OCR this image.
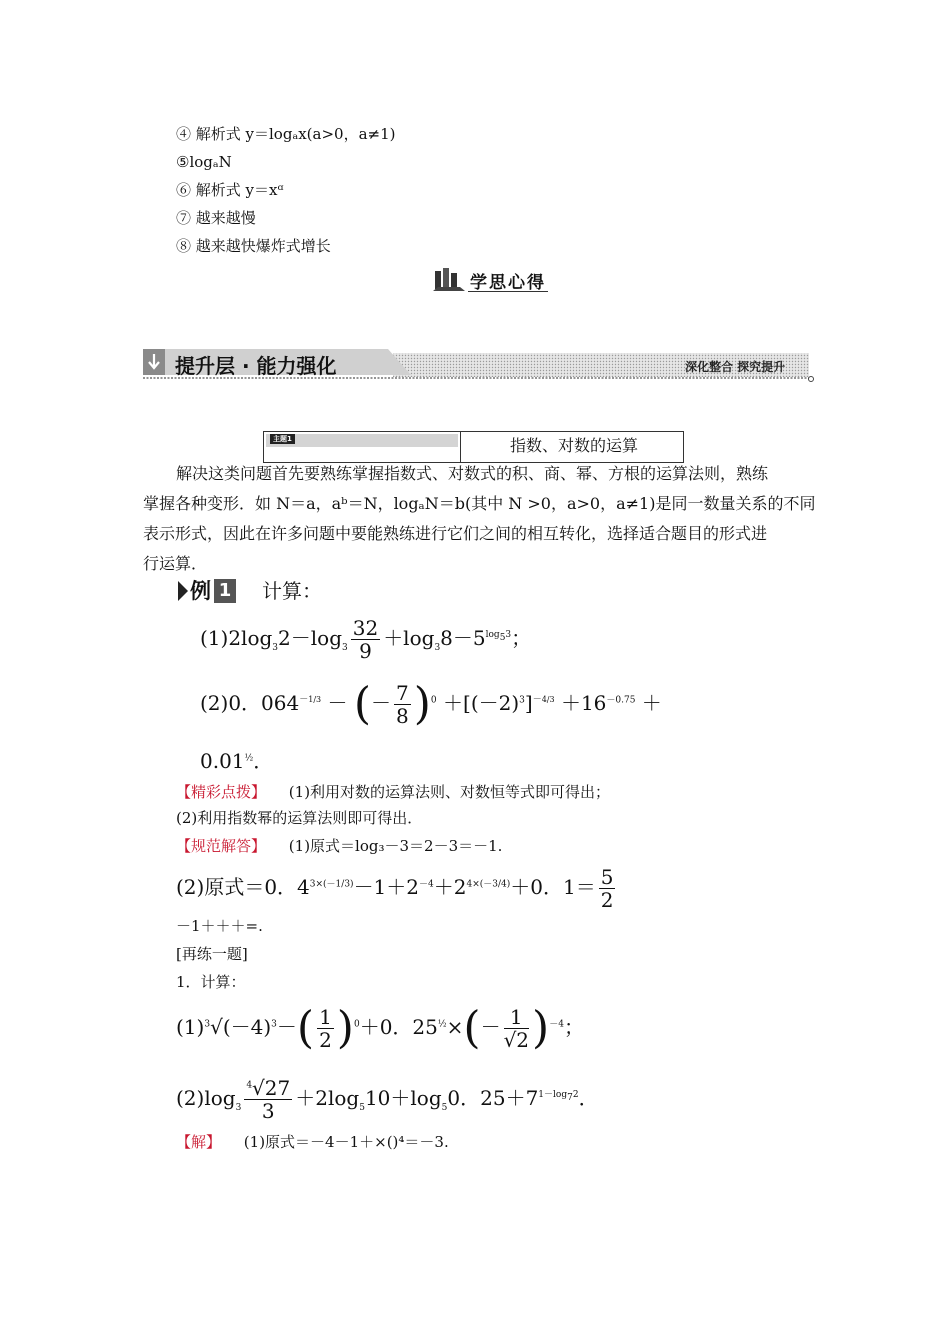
④ 解析式 y＝logₐx(a>0，a≠1)
⑤logₐN
⑥ 解析式 y＝xᵅ
⑦ 越来越慢
⑧ 越来越快爆炸式增长
学思心得
提升层 · 能力强化	深化整合 探究提升
主题1	指数、对数的运算
解决这类问题首先要熟练掌握指数式、对数式的积、商、幂、方根的运算法则，熟练
掌握各种变形．如 N＝a，aᵇ＝N，logₐN＝b(其中 N >0，a>0，a≠1)是同一数量关系的不同
表示形式，因此在许多问题中要能熟练进行它们之间的相互转化，选择适合题目的形式进
行运算．
例 1 计算：
$(1)2\log_32-\log_3 \frac{32}{9} +\log_38-5^{log_53}$；
(2)0．$064^{-1/3}$ － (－ $\frac{7}{8} )^0 +[(-2)^3]^{-4/3} +16^{-0.75}$ ＋
$0.01^{\frac{1}{2}}$．
【精彩点拨】 (1)利用对数的运算法则、对数恒等式即可得出；
(2)利用指数幂的运算法则即可得出．
【规范解答】 (1)原式＝log₃－3＝2－3＝－1.
(2)原式＝0．$4^{3\times(-1/3)}-1+2^{-4}+2^{4\times(-3/4)}+0$．$1= \frac{5}{2}$
－1＋＋＋=.
[再练一题]
1．计算：
$(1)^3√(-4)^3-( \frac{1}{2} )^0+0$．$25^{\frac{1}{2}}\times(- \frac{1}{√2} )^{-4}$；
$(2)\log_3 \frac{^4√27}{3} +2\log_510+\log_50$．$25+7^{1-log_72}$．
【解】 (1)原式＝－4－1＋×()⁴＝－3.
